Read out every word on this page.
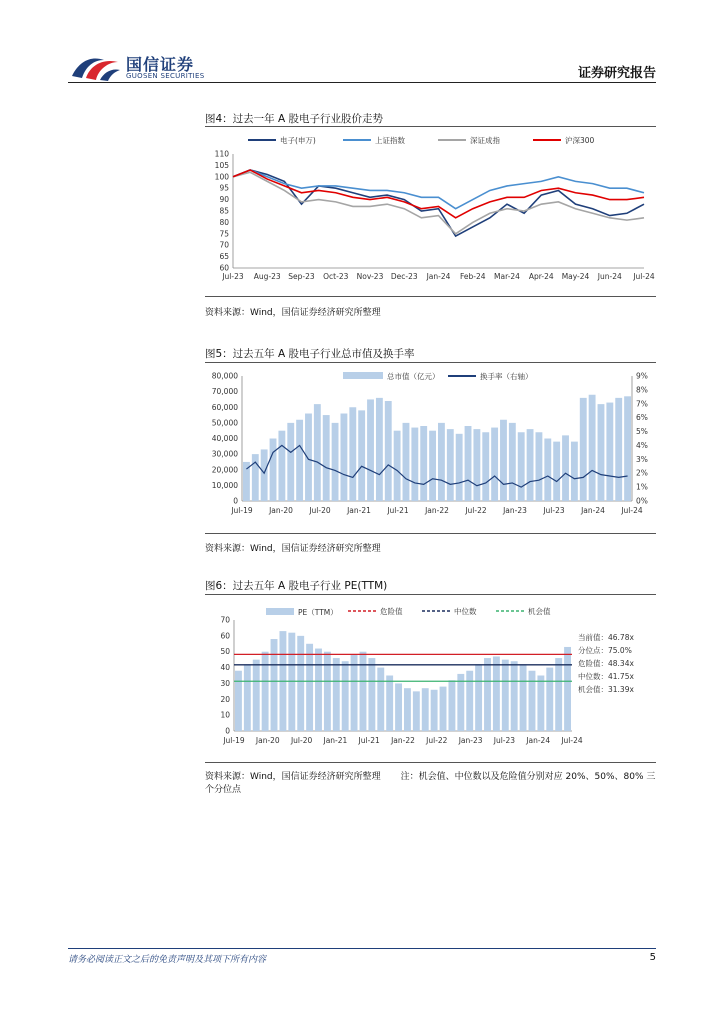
国信证券
GUOSEN SECURITIES	证券研究报告
图4：过去一年 A 股电子行业股价走势
60
65
70
75
80
85
90
95
100
105
110
Jul-23 Aug-23 Sep-23 Oct-23 Nov-23 Dec-23 Jan-24 Feb-24 Mar-24 Apr-24 May-24 Jun-24 Jul-24
电子(申万)	上证指数	深证成指	沪深300
资料来源：Wind，国信证券经济研究所整理
图5：过去五年 A 股电子行业总市值及换手率
0
10,000
20,000
30,000
40,000
50,000
60,000
70,000
80,000
0%
1%
2%
3%
4%
5%
6%
7%
8%
9%
Jul-19 Jan-20 Jul-20 Jan-21 Jul-21 Jan-22 Jul-22 Jan-23 Jul-23 Jan-24 Jul-24
总市值（亿元）	换手率（右轴）
资料来源：Wind，国信证券经济研究所整理
图6：过去五年 A 股电子行业 PE(TTM)
0
10
20
30
40
50
60
70
Jul-19 Jan-20 Jul-20 Jan-21 Jul-21 Jan-22 Jul-22 Jan-23 Jul-23 Jan-24 Jul-24
PE（TTM）	危险值	中位数	机会值
当前值：46.78x
分位点：75.0%
危险值：48.34x
中位数：41.75x
机会值：31.39x
资料来源：Wind，国信证券经济研究所整理 注：机会值、中位数以及危险值分别对应 20%、50%、80% 三个分位点
请务必阅读正文之后的免责声明及其项下所有内容	5
